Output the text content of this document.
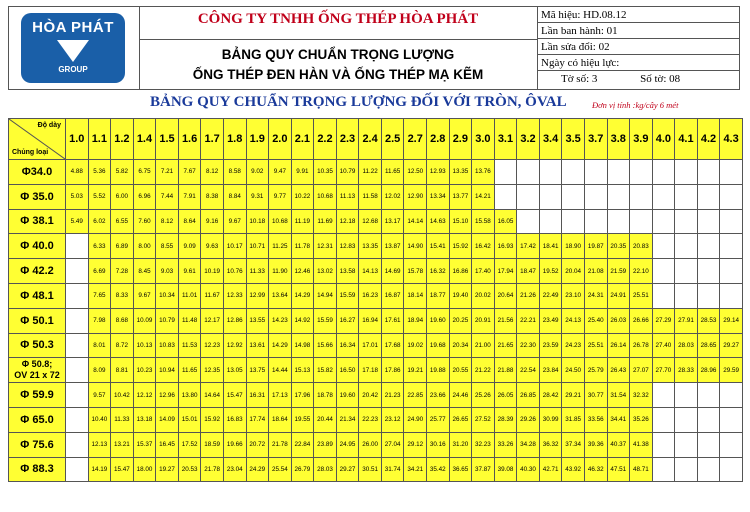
HÒA PHÁT
GROUP
CÔNG TY TNHH ỐNG THÉP HÒA PHÁT
BẢNG QUY CHUẨN TRỌNG LƯỢNG
ỐNG THÉP ĐEN HÀN VÀ ỐNG THÉP MẠ KẼM
Mã hiệu: HD.08.12
Lần ban hành: 01
Lần sửa đổi: 02
Ngày có hiệu lực:
Tờ số: 3	Số tờ: 08
BẢNG QUY CHUẨN TRỌNG LƯỢNG ĐỐI VỚI TRÒN, ÔVAL	Đơn vị tính :kg/cây 6 mét
Độ dày
Chủng loại	1.0	1.1	1.2	1.4	1.5	1.6	1.7	1.8	1.9	2.0	2.1	2.2	2.3	2.4	2.5	2.7	2.8	2.9	3.0	3.1	3.2	3.4	3.5	3.7	3.8	3.9	4.0	4.1	4.2	4.3
Φ34.0	4.88	5.36	5.82	6.75	7.21	7.67	8.12	8.58	9.02	9.47	9.91	10.35	10.79	11.22	11.65	12.50	12.93	13.35	13.76											
Φ 35.0	5.03	5.52	6.00	6.96	7.44	7.91	8.38	8.84	9.31	9.77	10.22	10.68	11.13	11.58	12.02	12.90	13.34	13.77	14.21											
Φ 38.1	5.49	6.02	6.55	7.60	8.12	8.64	9.16	9.67	10.18	10.68	11.19	11.69	12.18	12.68	13.17	14.14	14.63	15.10	15.58	16.05										
Φ 40.0		6.33	6.89	8.00	8.55	9.09	9.63	10.17	10.71	11.25	11.78	12.31	12.83	13.35	13.87	14.90	15.41	15.92	16.42	16.93	17.42	18.41	18.90	19.87	20.35	20.83				
Φ 42.2		6.69	7.28	8.45	9.03	9.61	10.19	10.76	11.33	11.90	12.46	13.02	13.58	14.13	14.69	15.78	16.32	16.86	17.40	17.94	18.47	19.52	20.04	21.08	21.59	22.10				
Φ 48.1		7.65	8.33	9.67	10.34	11.01	11.67	12.33	12.99	13.64	14.29	14.94	15.59	16.23	16.87	18.14	18.77	19.40	20.02	20.64	21.26	22.49	23.10	24.31	24.91	25.51				
Φ 50.1		7.98	8.68	10.09	10.79	11.48	12.17	12.86	13.55	14.23	14.92	15.59	16.27	16.94	17.61	18.94	19.60	20.25	20.91	21.56	22.21	23.49	24.13	25.40	26.03	26.66	27.29	27.91	28.53	29.14
Φ 50.3		8.01	8.72	10.13	10.83	11.53	12.23	12.92	13.61	14.29	14.98	15.66	16.34	17.01	17.68	19.02	19.68	20.34	21.00	21.65	22.30	23.59	24.23	25.51	26.14	26.78	27.40	28.03	28.65	29.27
Φ 50.8;
OV 21 x 72		8.09	8.81	10.23	10.94	11.65	12.35	13.05	13.75	14.44	15.13	15.82	16.50	17.18	17.86	19.21	19.88	20.55	21.22	21.88	22.54	23.84	24.50	25.79	26.43	27.07	27.70	28.33	28.96	29.59
Φ 59.9		9.57	10.42	12.12	12.96	13.80	14.64	15.47	16.31	17.13	17.96	18.78	19.60	20.42	21.23	22.85	23.66	24.46	25.26	26.05	26.85	28.42	29.21	30.77	31.54	32.32				
Φ 65.0		10.40	11.33	13.18	14.09	15.01	15.92	16.83	17.74	18.64	19.55	20.44	21.34	22.23	23.12	24.90	25.77	26.65	27.52	28.39	29.26	30.99	31.85	33.56	34.41	35.26				
Φ 75.6		12.13	13.21	15.37	16.45	17.52	18.59	19.66	20.72	21.78	22.84	23.89	24.95	26.00	27.04	29.12	30.16	31.20	32.23	33.26	34.28	36.32	37.34	39.36	40.37	41.38				
Φ 88.3		14.19	15.47	18.00	19.27	20.53	21.78	23.04	24.29	25.54	26.79	28.03	29.27	30.51	31.74	34.21	35.42	36.65	37.87	39.08	40.30	42.71	43.92	46.32	47.51	48.71				
